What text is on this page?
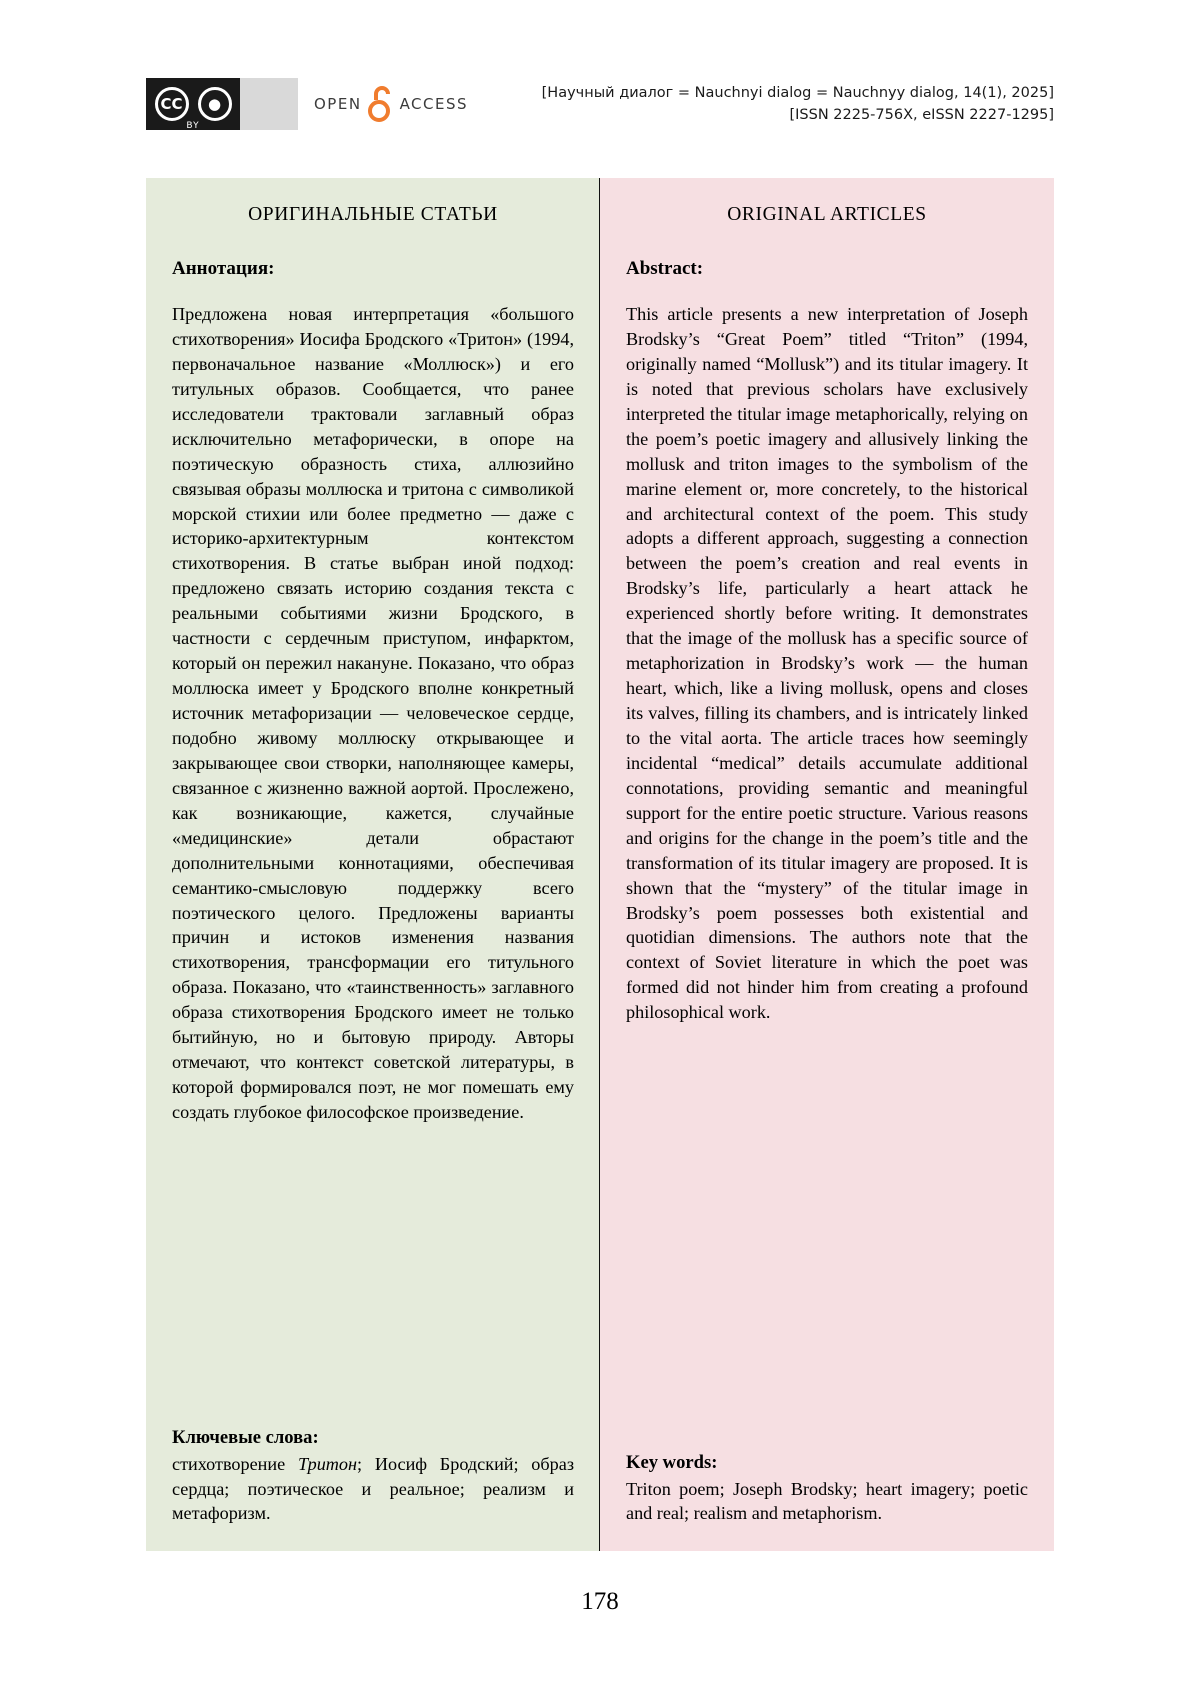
CC	●
BY
OPEN	ACCESS
[Научный диалог = Nauchnyi dialog = Nauchnyy dialog, 14(1), 2025]
[ISSN 2225-756X, eISSN 2227-1295]
ОРИГИНАЛЬНЫЕ СТАТЬИ
Аннотация:
Предложена новая интерпретация «большого стихотворения» Иосифа Бродского «Тритон» (1994, первоначальное название «Моллюск») и его титульных образов. Сообщается, что ранее исследователи трактовали заглавный образ исключительно метафорически, в опоре на поэтическую образность стиха, аллюзийно связывая образы моллюска и тритона с символикой морской стихии или более предметно — даже с историко-архитектурным контекстом стихотворения. В статье выбран иной подход: предложено связать историю создания текста с реальными событиями жизни Бродского, в частности с сердечным приступом, инфарктом, который он пережил накануне. Показано, что образ моллюска имеет у Бродского вполне конкретный источник метафоризации — человеческое сердце, подобно живому моллюску открывающее и закрывающее свои створки, наполняющее камеры, связанное с жизненно важной аортой. Прослежено, как возникающие, кажется, случайные «медицинские» детали обрастают дополнительными коннотациями, обеспечивая семантико-смысловую поддержку всего поэтического целого. Предложены варианты причин и истоков изменения названия стихотворения, трансформации его титульного образа. Показано, что «таинственность» заглавного образа стихотворения Бродского имеет не только бытийную, но и бытовую природу. Авторы отмечают, что контекст советской литературы, в которой формировался поэт, не мог помешать ему создать глубокое философское произведение.
Ключевые слова:
стихотворение Тритон; Иосиф Бродский; образ сердца; поэтическое и реальное; реализм и метафоризм.
ORIGINAL ARTICLES
Abstract:
This article presents a new interpretation of Joseph Brodsky’s “Great Poem” titled “Triton” (1994, originally named “Mollusk”) and its titular imagery. It is noted that previous scholars have exclusively interpreted the titular image metaphorically, relying on the poem’s poetic imagery and allusively linking the mollusk and triton images to the symbolism of the marine element or, more concretely, to the historical and architectural context of the poem. This study adopts a different approach, suggesting a connection between the poem’s creation and real events in Brodsky’s life, particularly a heart attack he experienced shortly before writing. It demonstrates that the image of the mollusk has a specific source of metaphorization in Brodsky’s work — the human heart, which, like a living mollusk, opens and closes its valves, filling its chambers, and is intricately linked to the vital aorta. The article traces how seemingly incidental “medical” details accumulate additional connotations, providing semantic and meaningful support for the entire poetic structure. Various reasons and origins for the change in the poem’s title and the transformation of its titular imagery are proposed. It is shown that the “mystery” of the titular image in Brodsky’s poem possesses both existential and quotidian dimensions. The authors note that the context of Soviet literature in which the poet was formed did not hinder him from creating a profound philosophical work.
Key words:
Triton poem; Joseph Brodsky; heart imagery; poetic and real; realism and metaphorism.
178
